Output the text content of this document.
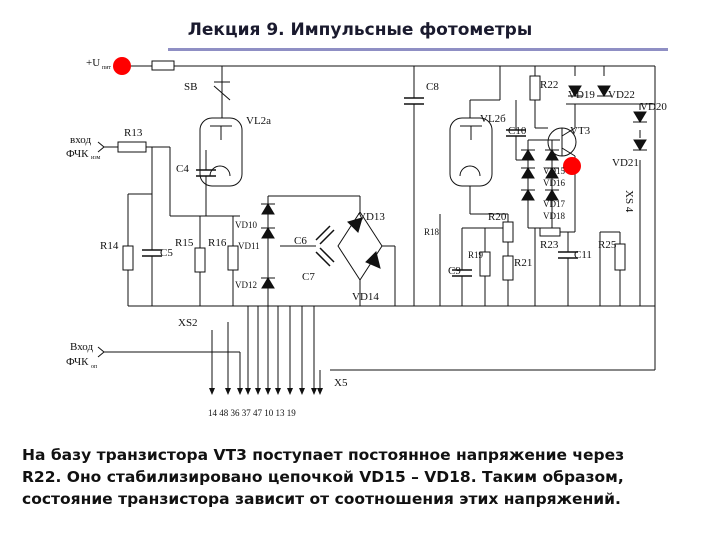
Лекция 9. Импульсные фотометры
+U пит
SB
VL2a	VL2б
вход
ФЧК изм
Вход
ФЧК оп
R13
R14	R15 R16
R18
R19
R20
R21
R22
R23	R25
C4
C5
C6
C7
C8
C9
C10
C11
VD10
VD11
VD12
VD13
VD14
VD15
VD16
VD17
VD18
VD19
VD20
VD21
VD22
VT3
XS2
XS 4
X5
14 48 36 37 47 10 13 19
На базу транзистора VT3 поступает постоянное напряжение через
R22. Оно стабилизировано цепочкой VD15 – VD18. Таким образом,
состояние транзистора зависит от соотношения этих напряжений.
